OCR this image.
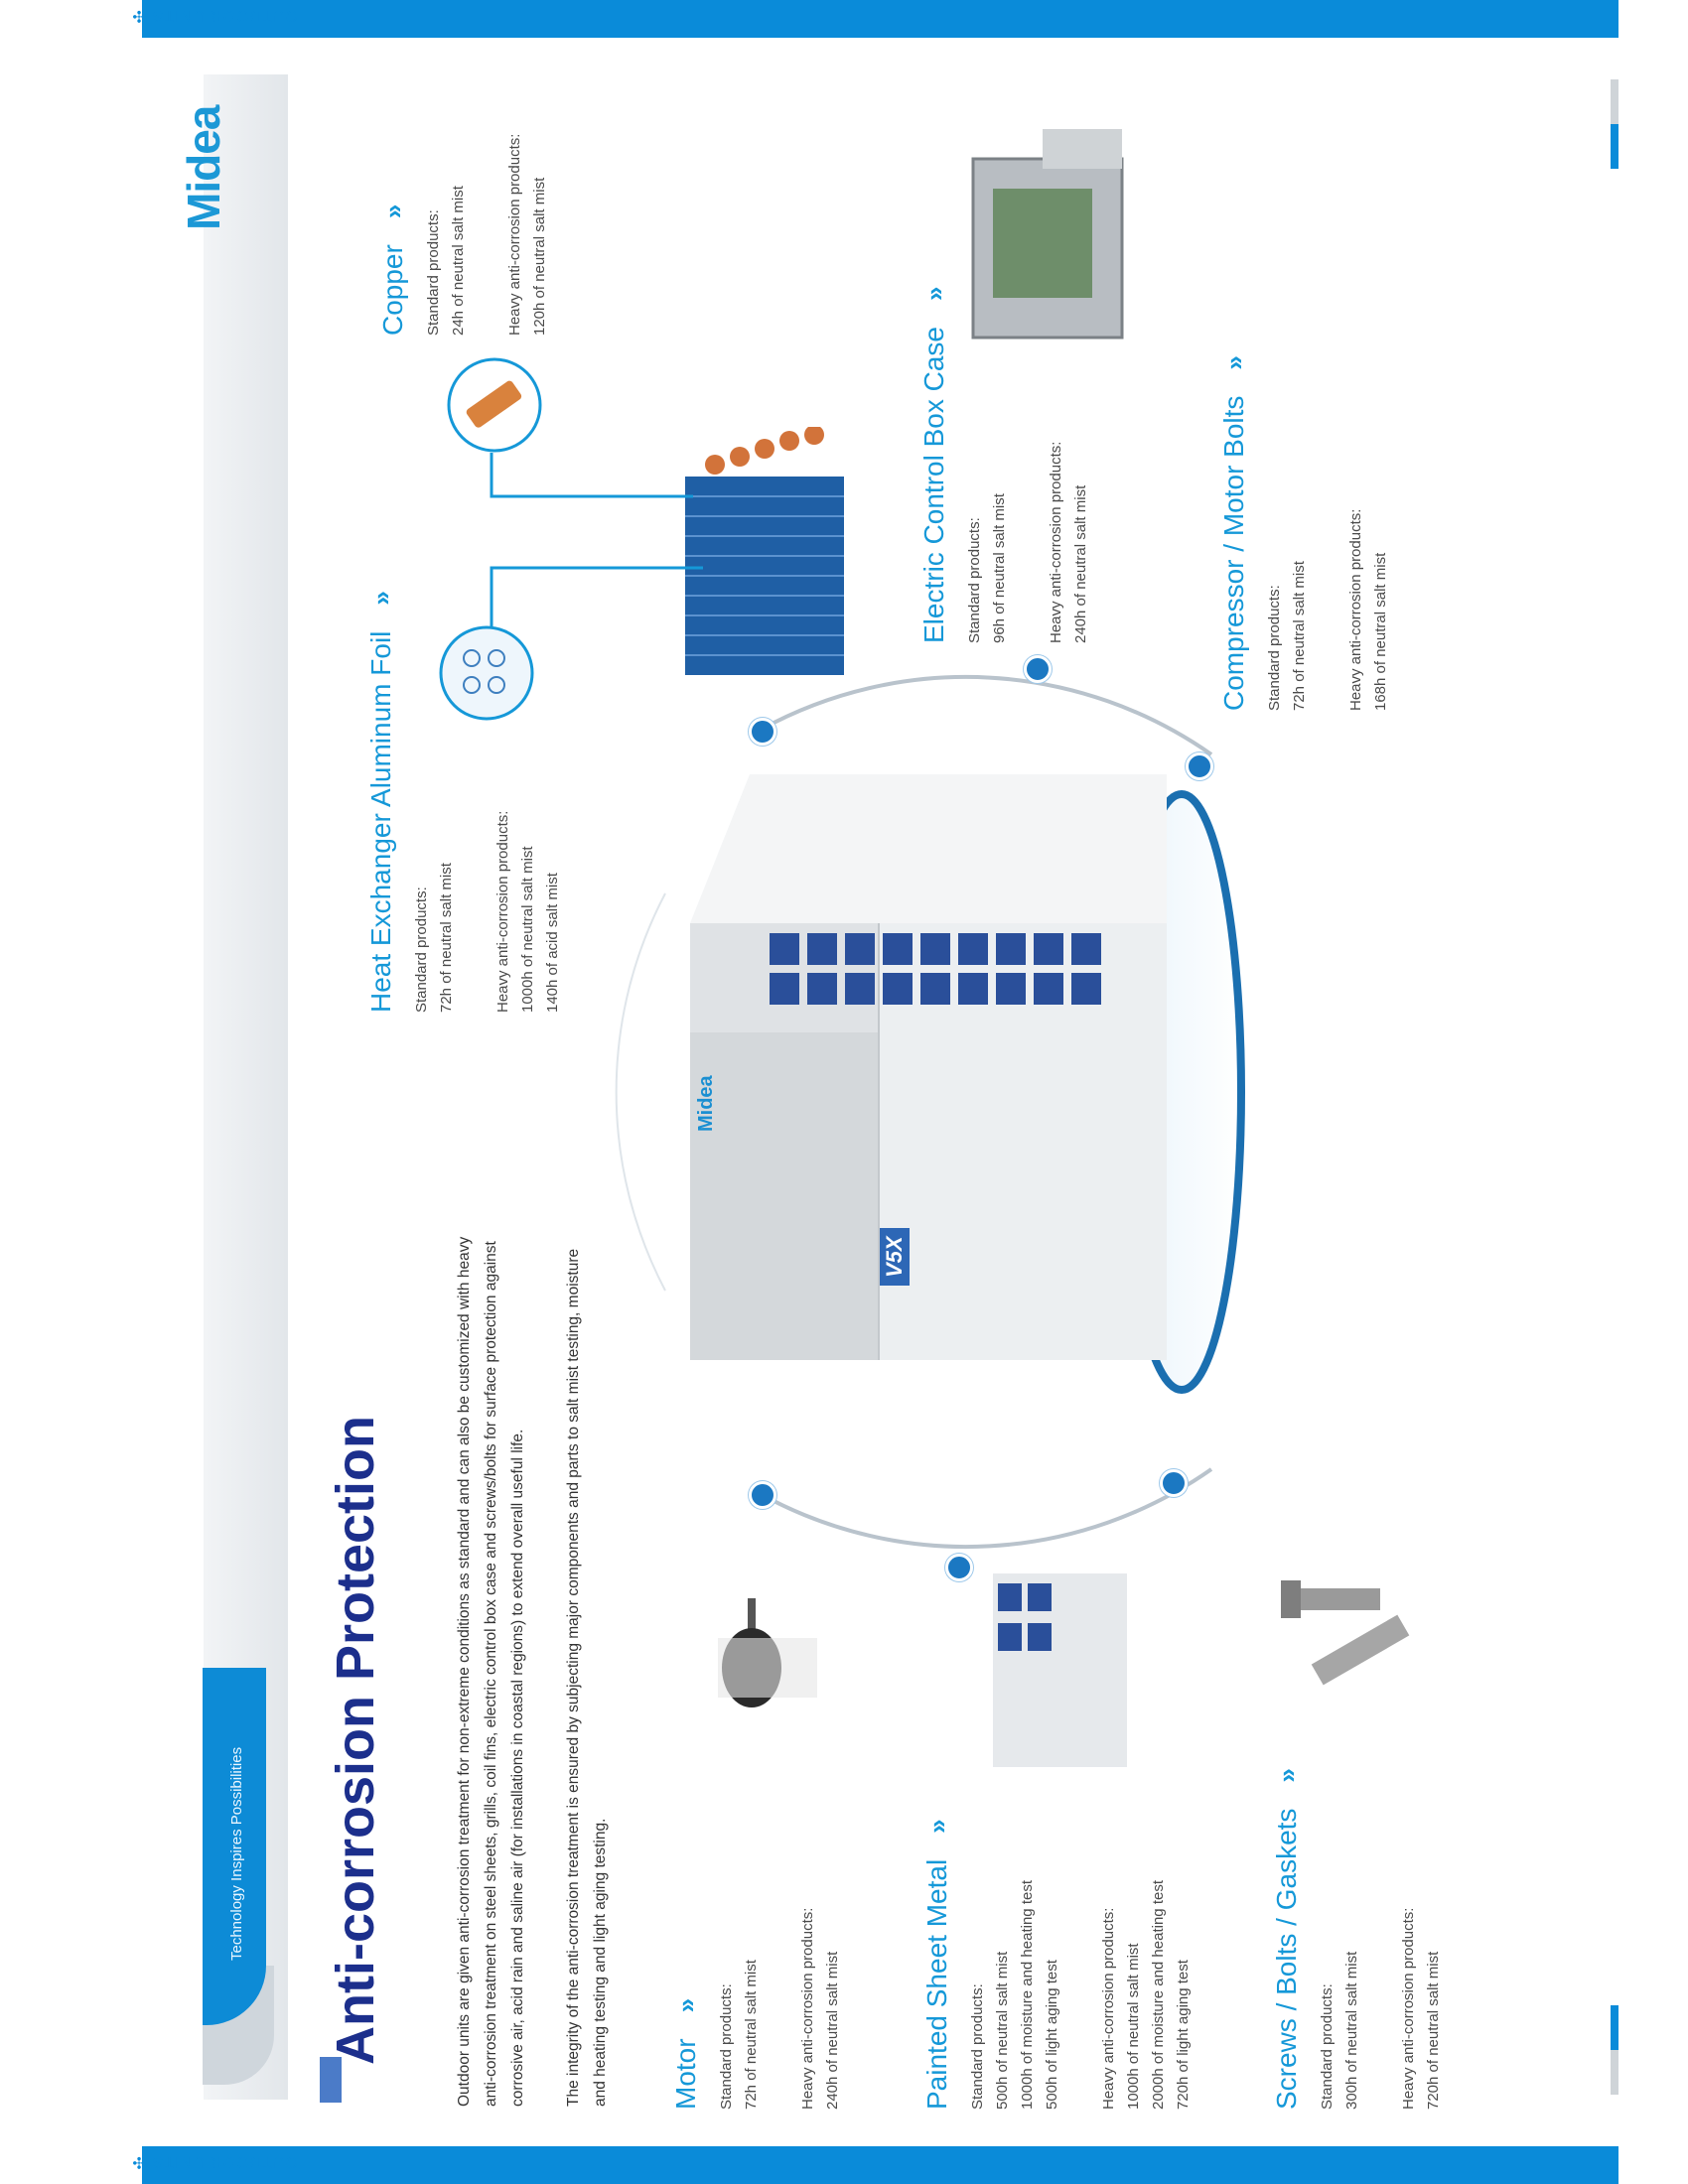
OUTDOOR UNITS✣
OUTDOOR UNITS✣
Technology Inspires Possibilities
Midea
Anti-corrosion Protection	Outdoor units are given anti-corrosion treatment for non-extreme conditions as standard and can also be customized with heavy anti-corrosion treatment on steel sheets, grills, coil fins, electric control box case and screws/bolts for surface protection against corrosive air, acid rain and saline air (for installations in coastal regions) to extend overall useful life.	The integrity of the anti-corrosion treatment is ensured by subjecting major components and parts to salt mist testing, moisture and heating testing and light aging testing.
Midea
V5X
Copper» Standard products: 24h of neutral salt mist	Heavy anti-corrosion products: 120h of neutral salt mist
Heat Exchanger Aluminum Foil»
Standard products: 72h of neutral salt mist	Heavy anti-corrosion products: 1000h of neutral salt mist 140h of acid salt mist
Electric Control Box Case»
Standard products: 96h of neutral salt mist	Heavy anti-corrosion products: 240h of neutral salt mist	Compressor / Motor Bolts»
Standard products: 72h of neutral salt mist	Heavy anti-corrosion products: 168h of neutral salt mist
Motor» Standard products: 72h of neutral salt mist	Heavy anti-corrosion products: 240h of neutral salt mist	Painted Sheet Metal»
Standard products: 500h of neutral salt mist 1000h of moisture and heating test 500h of light aging test	Heavy anti-corrosion products: 1000h of neutral salt mist 2000h of moisture and heating test 720h of light aging test	Screws / Bolts / Gaskets»
Standard products: 300h of neutral salt mist	Heavy anti-corrosion products: 720h of neutral salt mist
